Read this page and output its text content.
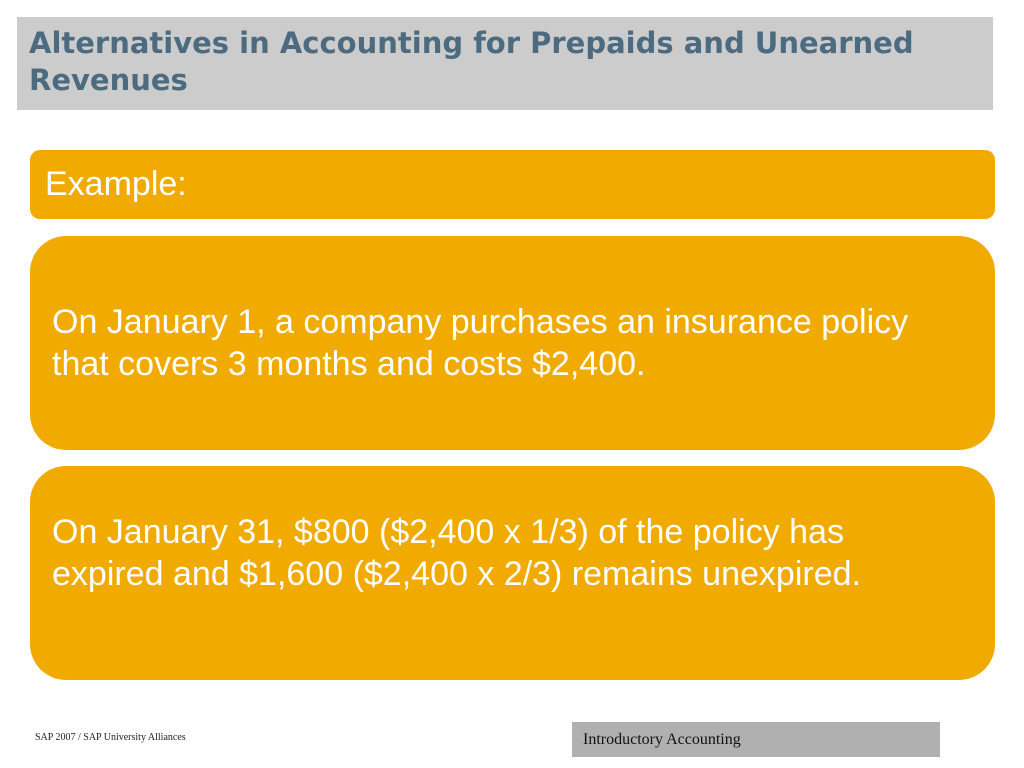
Alternatives in Accounting for Prepaids and Unearned Revenues
Example:

On January 1, a company purchases an insurance policy that covers 3 months and costs $2,400.

On January 31, $800 ($2,400 x 1/3) of the policy has expired and $1,600 ($2,400 x 2/3) remains unexpired.

SAP 2007 / SAP University Alliances	Introductory Accounting
